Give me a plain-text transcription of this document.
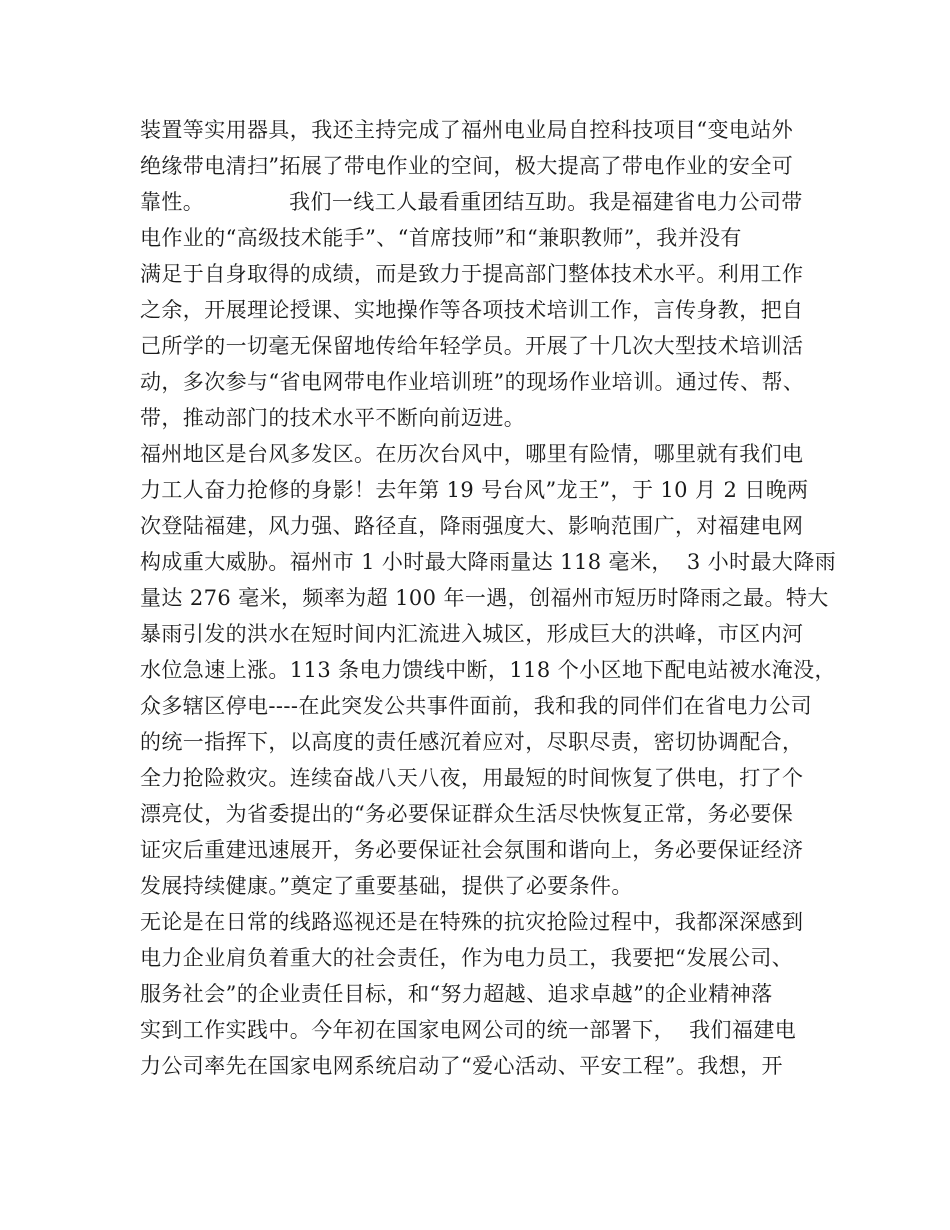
装置等实用器具，我还主持完成了福州电业局自控科技项目“变电站外
绝缘带电清扫”拓展了带电作业的空间，极大提高了带电作业的安全可
靠性。            我们一线工人最看重团结互助。我是福建省电力公司带
电作业的“高级技术能手”、“首席技师”和“兼职教师”，我并没有
满足于自身取得的成绩，而是致力于提高部门整体技术水平。利用工作
之余，开展理论授课、实地操作等各项技术培训工作，言传身教，把自
己所学的一切毫无保留地传给年轻学员。开展了十几次大型技术培训活
动，多次参与“省电网带电作业培训班”的现场作业培训。通过传、帮、
带，推动部门的技术水平不断向前迈进。
福州地区是台风多发区。在历次台风中，哪里有险情，哪里就有我们电
力工人奋力抢修的身影！去年第 19 号台风”龙王”，于 10 月 2 日晚两
次登陆福建，风力强、路径直，降雨强度大、影响范围广，对福建电网
构成重大威胁。福州市 1 小时最大降雨量达 118 毫米，  3 小时最大降雨
量达 276 毫米，频率为超 100 年一遇，创福州市短历时降雨之最。特大
暴雨引发的洪水在短时间内汇流进入城区，形成巨大的洪峰，市区内河
水位急速上涨。113 条电力馈线中断，118 个小区地下配电站被水淹没，
众多辖区停电----在此突发公共事件面前，我和我的同伴们在省电力公司
的统一指挥下，以高度的责任感沉着应对，尽职尽责，密切协调配合，
全力抢险救灾。连续奋战八天八夜，用最短的时间恢复了供电，打了个
漂亮仗，为省委提出的“务必要保证群众生活尽快恢复正常，务必要保
证灾后重建迅速展开，务必要保证社会氛围和谐向上，务必要保证经济
发展持续健康。”奠定了重要基础，提供了必要条件。
无论是在日常的线路巡视还是在特殊的抗灾抢险过程中，我都深深感到
电力企业肩负着重大的社会责任，作为电力员工，我要把“发展公司、
服务社会”的企业责任目标，和“努力超越、追求卓越”的企业精神落
实到工作实践中。今年初在国家电网公司的统一部署下，  我们福建电
力公司率先在国家电网系统启动了“爱心活动、平安工程”。我想，开
